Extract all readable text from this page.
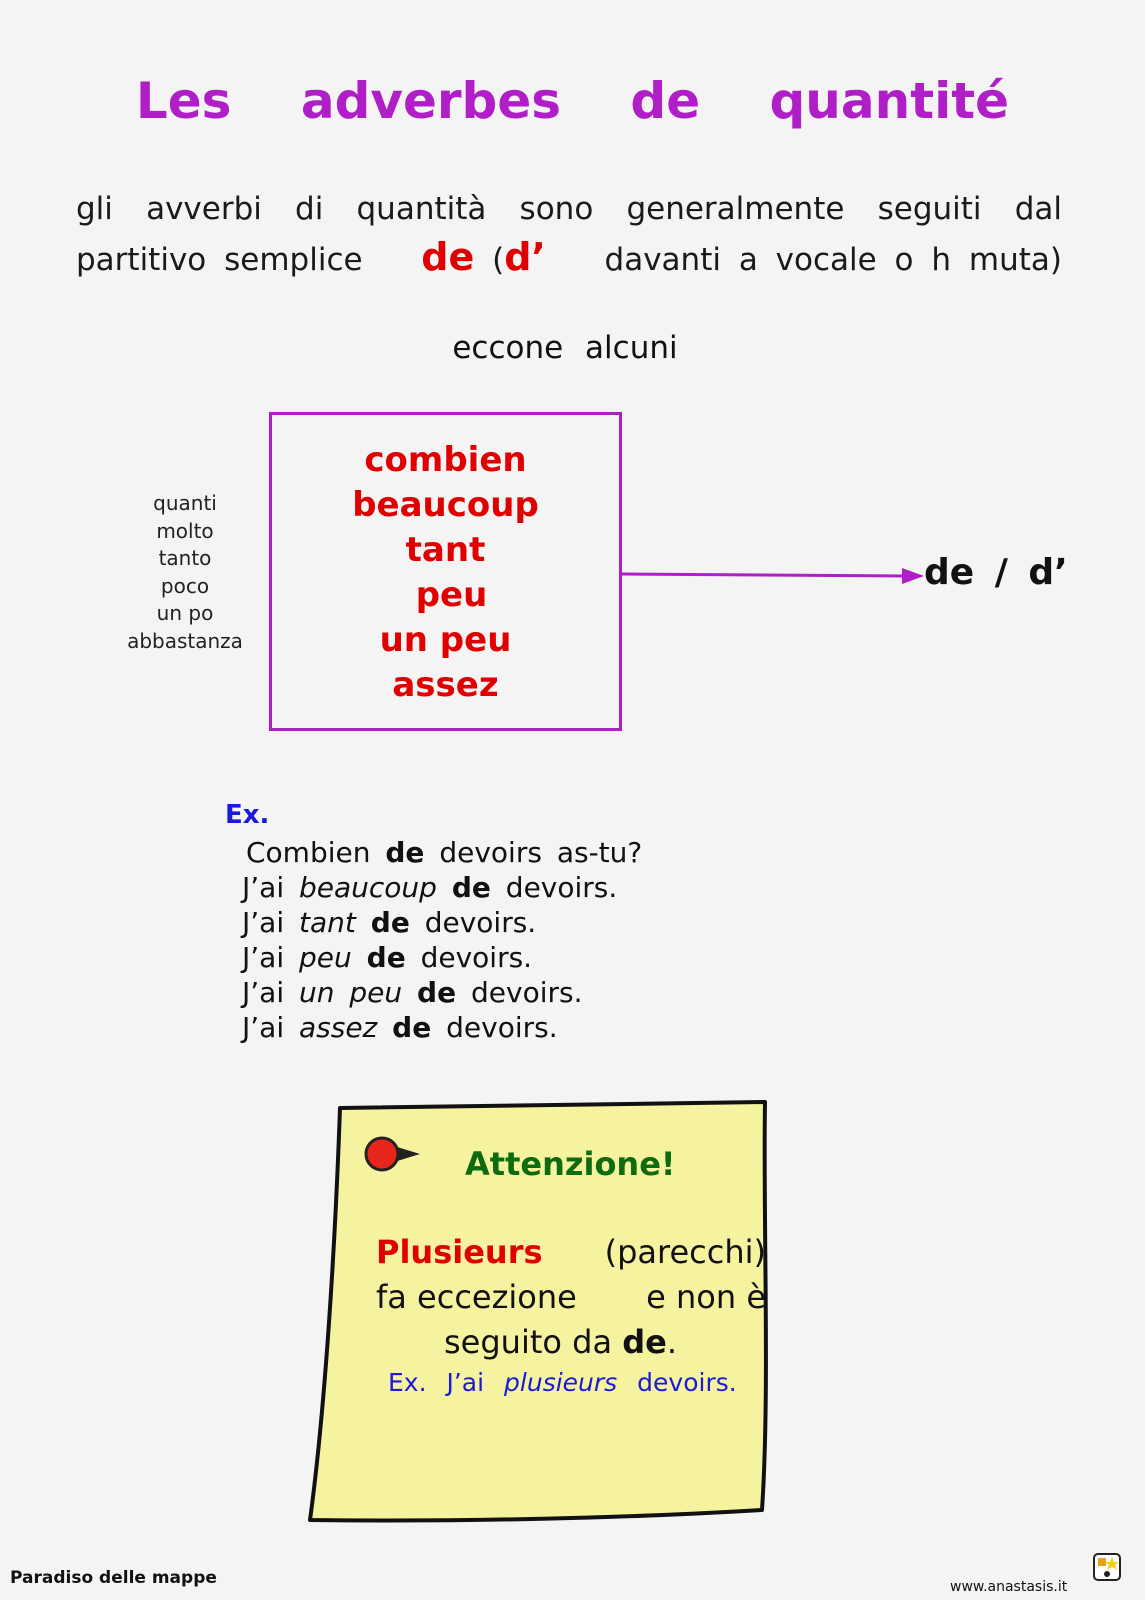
Les adverbes de quantité
gli avverbi di quantità sono generalmente seguiti dal
partitivo semplice de (d’ davanti a vocale o h muta)
eccone alcuni
combien
beaucoup
tant
peu
un peu
assez
quanti
molto
tanto
poco
un po
abbastanza
de / d’
Ex.
Combien de devoirs as-tu?
J’ai beaucoup de devoirs.
J’ai tant de devoirs.
J’ai peu de devoirs.
J’ai un peu de devoirs.
J’ai assez de devoirs.
Attenzione!
Plusieurs (parecchi)
fa eccezione e non è
seguito da de.
Ex. J’ai plusieurs devoirs.
Paradiso delle mappe	www.anastasis.it
